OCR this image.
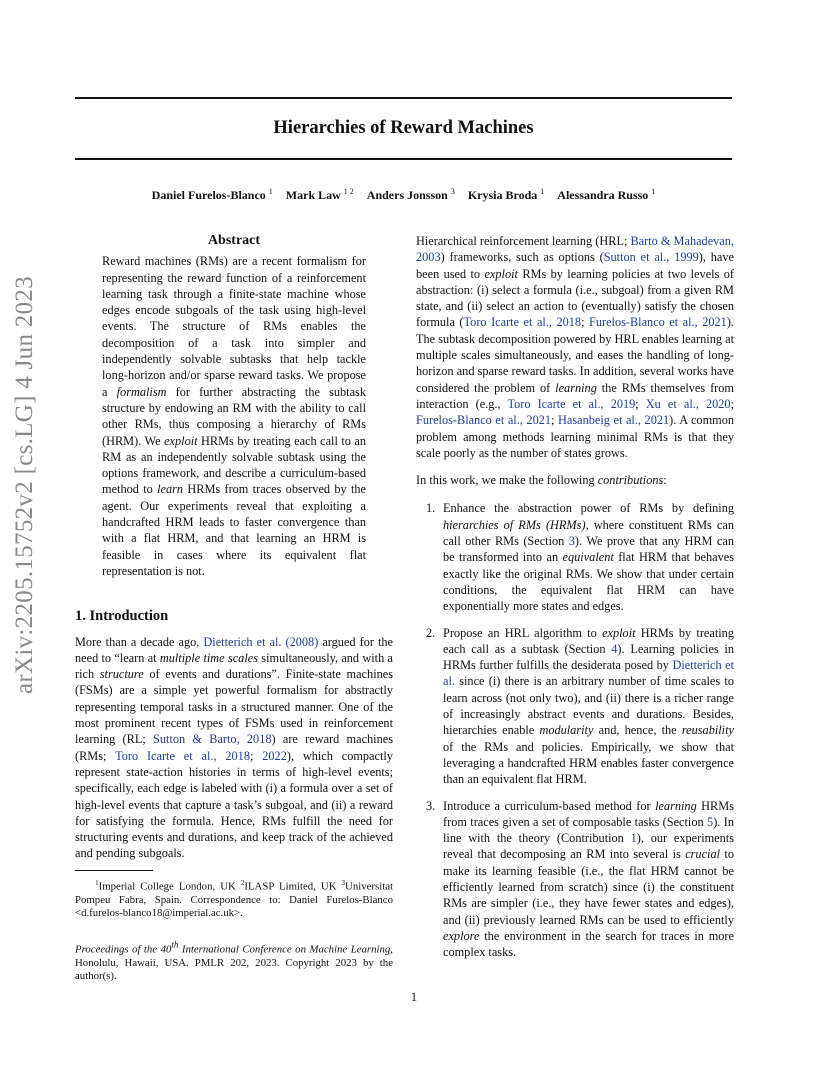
Hierarchies of Reward Machines
Daniel Furelos-Blanco $^1$ Mark Law $^{1 2}$ Anders Jonsson $^3$ Krysia Broda $^1$ Alessandra Russo $^1$
arXiv:2205.15752v2 [cs.LG] 4 Jun 2023
Abstract

Reward machines (RMs) are a recent formalism for representing the reward function of a reinforcement learning task through a finite-state machine whose edges encode subgoals of the task using high-level events. The structure of RMs enables the decomposition of a task into simpler and independently solvable subtasks that help tackle long-horizon and/or sparse reward tasks. We propose a formalism for further abstracting the subtask structure by endowing an RM with the ability to call other RMs, thus composing a hierarchy of RMs (HRM). We exploit HRMs by treating each call to an RM as an independently solvable subtask using the options framework, and describe a curriculum-based method to learn HRMs from traces observed by the agent. Our experiments reveal that exploiting a handcrafted HRM leads to faster convergence than with a flat HRM, and that learning an HRM is feasible in cases where its equivalent flat representation is not.

1. Introduction

More than a decade ago, Dietterich et al. (2008) argued for the need to “learn at multiple time scales simultaneously, and with a rich structure of events and durations”. Finite-state machines (FSMs) are a simple yet powerful formalism for abstractly representing temporal tasks in a structured manner. One of the most prominent recent types of FSMs used in reinforcement learning (RL; Sutton & Barto, 2018) are reward machines (RMs; Toro Icarte et al., 2018; 2022), which compactly represent state-action histories in terms of high-level events; specifically, each edge is labeled with (i) a formula over a set of high-level events that capture a task’s subgoal, and (ii) a reward for satisfying the formula. Hence, RMs fulfill the need for structuring events and durations, and keep track of the achieved and pending subgoals.

$^1$Imperial College London, UK $^2$ILASP Limited, UK $^3$Universitat Pompeu Fabra, Spain. Correspondence to: Daniel Furelos-Blanco <d.furelos-blanco18@imperial.ac.uk>.

Proceedings of the 40th International Conference on Machine Learning, Honolulu, Hawaii, USA. PMLR 202, 2023. Copyright 2023 by the author(s).

Hierarchical reinforcement learning (HRL; Barto & Mahadevan, 2003) frameworks, such as options (Sutton et al., 1999), have been used to exploit RMs by learning policies at two levels of abstraction: (i) select a formula (i.e., subgoal) from a given RM state, and (ii) select an action to (eventually) satisfy the chosen formula (Toro Icarte et al., 2018; Furelos-Blanco et al., 2021). The subtask decomposition powered by HRL enables learning at multiple scales simultaneously, and eases the handling of long-horizon and sparse reward tasks. In addition, several works have considered the problem of learning the RMs themselves from interaction (e.g., Toro Icarte et al., 2019; Xu et al., 2020; Furelos-Blanco et al., 2021; Hasanbeig et al., 2021). A common problem among methods learning minimal RMs is that they scale poorly as the number of states grows.

In this work, we make the following contributions:

1. Enhance the abstraction power of RMs by defining hierarchies of RMs (HRMs), where constituent RMs can call other RMs (Section 3). We prove that any HRM can be transformed into an equivalent flat HRM that behaves exactly like the original RMs. We show that under certain conditions, the equivalent flat HRM can have exponentially more states and edges.
2. Propose an HRL algorithm to exploit HRMs by treating each call as a subtask (Section 4). Learning policies in HRMs further fulfills the desiderata posed by Dietterich et al. since (i) there is an arbitrary number of time scales to learn across (not only two), and (ii) there is a richer range of increasingly abstract events and durations. Besides, hierarchies enable modularity and, hence, the reusability of the RMs and policies. Empirically, we show that leveraging a handcrafted HRM enables faster convergence than an equivalent flat HRM.
3. Introduce a curriculum-based method for learning HRMs from traces given a set of composable tasks (Section 5). In line with the theory (Contribution 1), our experiments reveal that decomposing an RM into several is crucial to make its learning feasible (i.e., the flat HRM cannot be efficiently learned from scratch) since (i) the constituent RMs are simpler (i.e., they have fewer states and edges), and (ii) previously learned RMs can be used to efficiently explore the environment in the search for traces in more complex tasks.
1
